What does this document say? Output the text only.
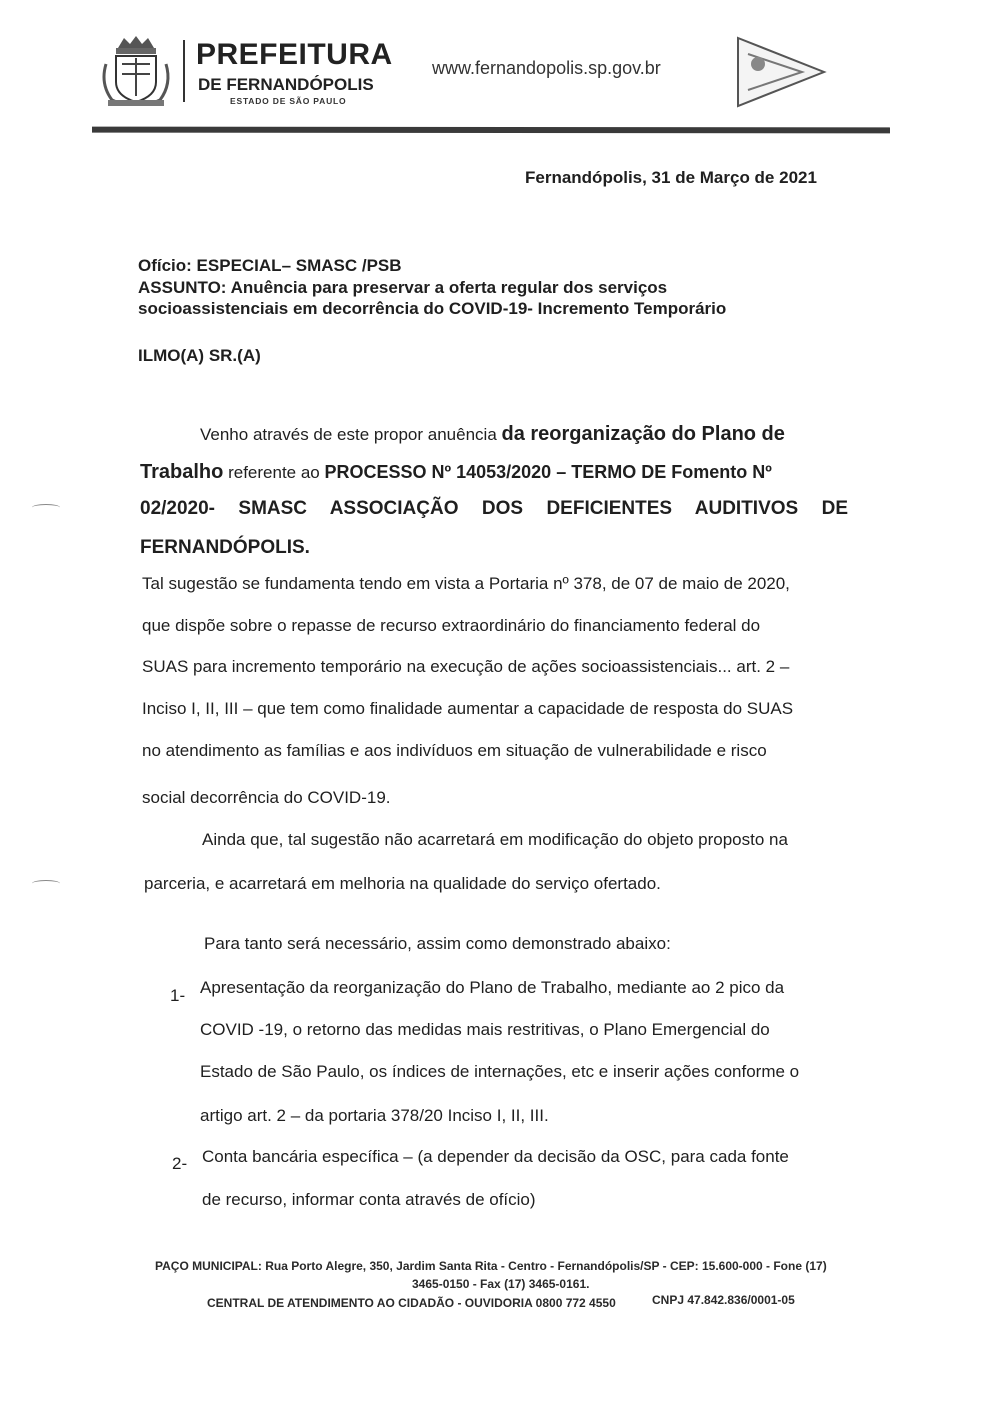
PREFEITURA
DE FERNANDÓPOLIS
ESTADO DE SÃO PAULO
www.fernandopolis.sp.gov.br
Fernandópolis, 31 de Março de 2021
Ofício: ESPECIAL– SMASC /PSB
ASSUNTO: Anuência para preservar a oferta regular dos serviços
socioassistenciais em decorrência do COVID-19- Incremento Temporário
ILMO(A) SR.(A)
Venho através de este propor anuência da reorganização do Plano de
Trabalho referente ao PROCESSO Nº 14053/2020 – TERMO DE Fomento Nº
02/2020- SMASC ASSOCIAÇÃO DOS DEFICIENTES AUDITIVOS DE
FERNANDÓPOLIS.
Tal sugestão se fundamenta tendo em vista a Portaria nº 378, de 07 de maio de 2020,
que dispõe sobre o repasse de recurso extraordinário do financiamento federal do
SUAS para incremento temporário na execução de ações socioassistenciais... art. 2 –
Inciso I, II, III – que tem como finalidade aumentar a capacidade de resposta do SUAS
no atendimento as famílias e aos indivíduos em situação de vulnerabilidade e risco
social decorrência do COVID-19.
Ainda que, tal sugestão não acarretará em modificação do objeto proposto na
parceria, e acarretará em melhoria na qualidade do serviço ofertado.
Para tanto será necessário, assim como demonstrado abaixo:
1- Apresentação da reorganização do Plano de Trabalho, mediante ao 2 pico da
COVID -19, o retorno das medidas mais restritivas, o Plano Emergencial do
Estado de São Paulo, os índices de internações, etc e inserir ações conforme o
artigo art. 2 – da portaria 378/20 Inciso I, II, III.
2- Conta bancária específica – (a depender da decisão da OSC, para cada fonte
de recurso, informar conta através de ofício)
PAÇO MUNICIPAL: Rua Porto Alegre, 350, Jardim Santa Rita - Centro - Fernandópolis/SP - CEP: 15.600-000 - Fone (17)
3465-0150 - Fax (17) 3465-0161.
CENTRAL DE ATENDIMENTO AO CIDADÃO - OUVIDORIA 0800 772 4550	CNPJ 47.842.836/0001-05
